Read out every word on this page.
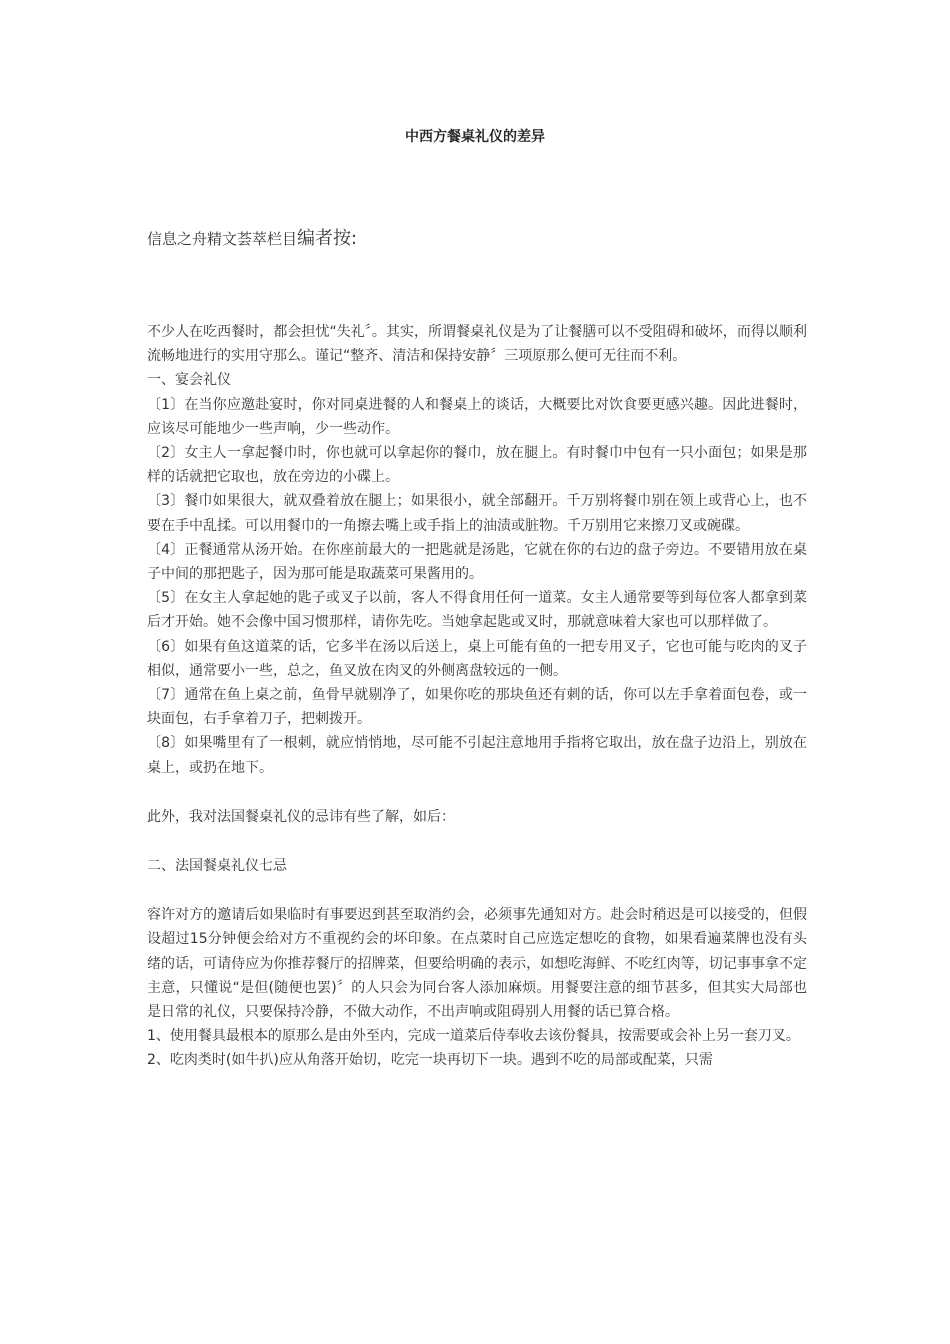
中西方餐桌礼仪的差异
信息之舟精文荟萃栏目编者按:

不少人在吃西餐时，都会担忧“失礼〞。其实，所谓餐桌礼仪是为了让餐膳可以不受阻碍和破坏，而得以顺利流畅地进行的实用守那么。谨记“整齐、清洁和保持安静〞三项原那么便可无往而不利。

一、宴会礼仪

〔1〕在当你应邀赴宴时，你对同桌进餐的人和餐桌上的谈话，大概要比对饮食要更感兴趣。因此进餐时，应该尽可能地少一些声响，少一些动作。

〔2〕女主人一拿起餐巾时，你也就可以拿起你的餐巾，放在腿上。有时餐巾中包有一只小面包；如果是那样的话就把它取也，放在旁边的小碟上。

〔3〕餐巾如果很大，就双叠着放在腿上；如果很小，就全部翻开。千万别将餐巾别在领上或背心上，也不要在手中乱揉。可以用餐巾的一角擦去嘴上或手指上的油渍或脏物。千万别用它来擦刀叉或碗碟。

〔4〕正餐通常从汤开始。在你座前最大的一把匙就是汤匙，它就在你的右边的盘子旁边。不要错用放在桌子中间的那把匙子，因为那可能是取蔬菜可果酱用的。

〔5〕在女主人拿起她的匙子或叉子以前，客人不得食用任何一道菜。女主人通常要等到每位客人都拿到菜后才开始。她不会像中国习惯那样，请你先吃。当她拿起匙或叉时，那就意味着大家也可以那样做了。

〔6〕如果有鱼这道菜的话，它多半在汤以后送上，桌上可能有鱼的一把专用叉子，它也可能与吃肉的叉子相似，通常要小一些，总之，鱼叉放在肉叉的外侧离盘较远的一侧。

〔7〕通常在鱼上桌之前，鱼骨早就剔净了，如果你吃的那块鱼还有刺的话，你可以左手拿着面包卷，或一块面包，右手拿着刀子，把刺拨开。

〔8〕如果嘴里有了一根刺，就应悄悄地，尽可能不引起注意地用手指将它取出，放在盘子边沿上，别放在桌上，或扔在地下。

此外，我对法国餐桌礼仪的忌讳有些了解，如后：

二、法国餐桌礼仪七忌

容许对方的邀请后如果临时有事要迟到甚至取消约会，必须事先通知对方。赴会时稍迟是可以接受的，但假设超过15分钟便会给对方不重视约会的坏印象。在点菜时自己应选定想吃的食物，如果看遍菜牌也没有头绪的话，可请侍应为你推荐餐厅的招牌菜，但要给明确的表示，如想吃海鲜、不吃红肉等，切记事事拿不定主意，只懂说“是但(随便也罢)〞的人只会为同台客人添加麻烦。用餐要注意的细节甚多，但其实大局部也是日常的礼仪，只要保持冷静，不做大动作，不出声响或阻碍别人用餐的话已算合格。

1、使用餐具最根本的原那么是由外至内，完成一道菜后侍奉收去该份餐具，按需要或会补上另一套刀叉。

2、吃肉类时(如牛扒)应从角落开始切，吃完一块再切下一块。遇到不吃的局部或配菜，只需
